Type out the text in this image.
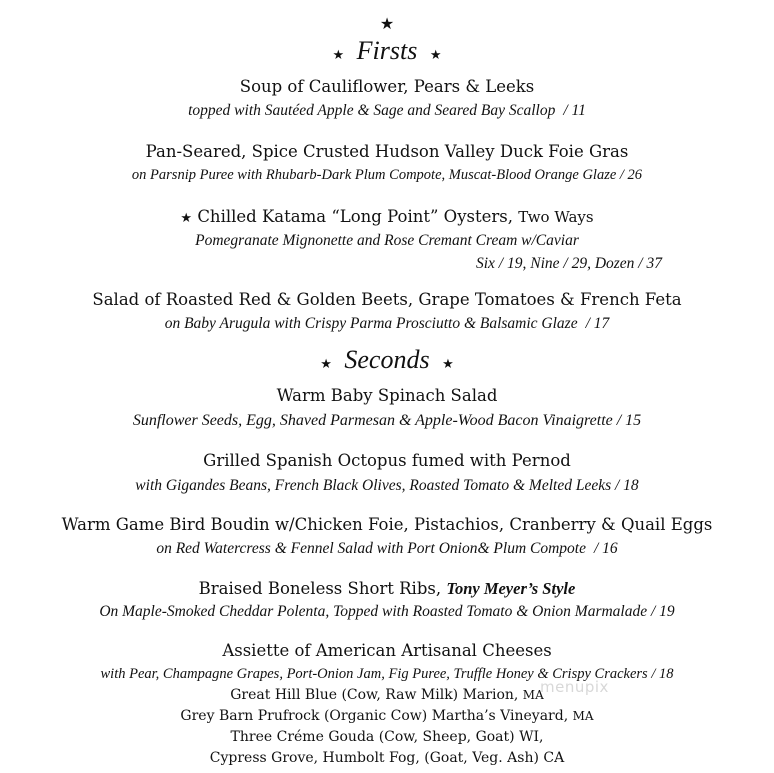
★
★ Firsts ★
Soup of Cauliflower, Pears & Leeks
topped with Sautéed Apple & Sage and Seared Bay Scallop / 11
Pan-Seared, Spice Crusted Hudson Valley Duck Foie Gras
on Parsnip Puree with Rhubarb-Dark Plum Compote, Muscat-Blood Orange Glaze / 26
★ Chilled Katama “Long Point” Oysters, Two Ways
Pomegranate Mignonette and Rose Cremant Cream w/Caviar
Six / 19, Nine / 29, Dozen / 37
Salad of Roasted Red & Golden Beets, Grape Tomatoes & French Feta
on Baby Arugula with Crispy Parma Prosciutto & Balsamic Glaze / 17
★ Seconds ★
Warm Baby Spinach Salad
Sunflower Seeds, Egg, Shaved Parmesan & Apple-Wood Bacon Vinaigrette / 15
Grilled Spanish Octopus fumed with Pernod
with Gigandes Beans, French Black Olives, Roasted Tomato & Melted Leeks / 18
Warm Game Bird Boudin w/Chicken Foie, Pistachios, Cranberry & Quail Eggs
on Red Watercress & Fennel Salad with Port Onion& Plum Compote / 16
Braised Boneless Short Ribs, Tony Meyer’s Style
On Maple-Smoked Cheddar Polenta, Topped with Roasted Tomato & Onion Marmalade / 19
Assiette of American Artisanal Cheeses
with Pear, Champagne Grapes, Port-Onion Jam, Fig Puree, Truffle Honey & Crispy Crackers / 18
Great Hill Blue (Cow, Raw Milk) Marion, MA
Grey Barn Prufrock (Organic Cow) Martha’s Vineyard, MA
Three Créme Gouda (Cow, Sheep, Goat) WI,
Cypress Grove, Humbolt Fog, (Goat, Veg. Ash) CA
menupix
